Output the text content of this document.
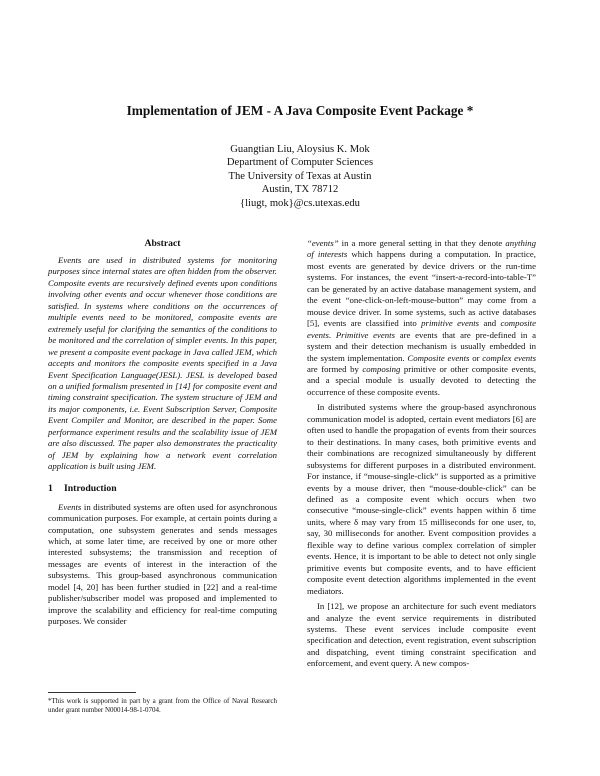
Implementation of JEM - A Java Composite Event Package *
Guangtian Liu, Aloysius K. Mok
Department of Computer Sciences
The University of Texas at Austin
Austin, TX 78712
{liugt, mok}@cs.utexas.edu
Abstract

Events are used in distributed systems for monitoring purposes since internal states are often hidden from the observer. Composite events are recursively defined events upon conditions involving other events and occur whenever those conditions are satisfied. In systems where conditions on the occurrences of multiple events need to be monitored, composite events are extremely useful for clarifying the semantics of the conditions to be monitored and the correlation of simpler events. In this paper, we present a composite event package in Java called JEM, which accepts and monitors the composite events specified in a Java Event Specification Language(JESL). JESL is developed based on a unified formalism presented in [14] for composite event and timing constraint specification. The system structure of JEM and its major components, i.e. Event Subscription Server, Composite Event Compiler and Monitor, are described in the paper. Some performance experiment results and the scalability issue of JEM are also discussed. The paper also demonstrates the practicality of JEM by explaining how a network event correlation application is built using JEM.

1 Introduction

Events in distributed systems are often used for asynchronous communication purposes. For example, at certain points during a computation, one subsystem generates and sends messages which, at some later time, are received by one or more other interested subsystems; the transmission and reception of messages are events of interest in the interaction of the subsystems. This group-based asynchronous communication model [4, 20] has been further studied in [22] and a real-time publisher/subscriber model was proposed and implemented to improve the scalability and efficiency for real-time computing purposes. We consider

“events” in a more general setting in that they denote anything of interests which happens during a computation. In practice, most events are generated by device drivers or the run-time systems. For instances, the event “insert-a-record-into-table-T” can be generated by an active database management system, and the event “one-click-on-left-mouse-button” may come from a mouse device driver. In some systems, such as active databases [5], events are classified into primitive events and composite events. Primitive events are events that are pre-defined in a system and their detection mechanism is usually embedded in the system implementation. Composite events or complex events are formed by composing primitive or other composite events, and a special module is usually devoted to detecting the occurrence of these composite events.

In distributed systems where the group-based asynchronous communication model is adopted, certain event mediators [6] are often used to handle the propagation of events from their sources to their destinations. In many cases, both primitive events and their combinations are recognized simultaneously by different subsystems for different purposes in a distributed environment. For instance, if “mouse-single-click” is supported as a primitive events by a mouse driver, then “mouse-double-click” can be defined as a composite event which occurs when two consecutive “mouse-single-click” events happen within δ time units, where δ may vary from 15 milliseconds for one user, to, say, 30 milliseconds for another. Event composition provides a flexible way to define various complex correlation of simpler events. Hence, it is important to be able to detect not only single primitive events but composite events, and to have efficient composite event detection algorithms implemented in the event mediators.

In [12], we propose an architecture for such event mediators and analyze the event service requirements in distributed systems. These event services include composite event specification and detection, event registration, event subscription and dispatching, event timing constraint specification and enforcement, and event query. A new compos-

*This work is supported in part by a grant from the Office of Naval Research under grant number N00014-98-1-0704.
